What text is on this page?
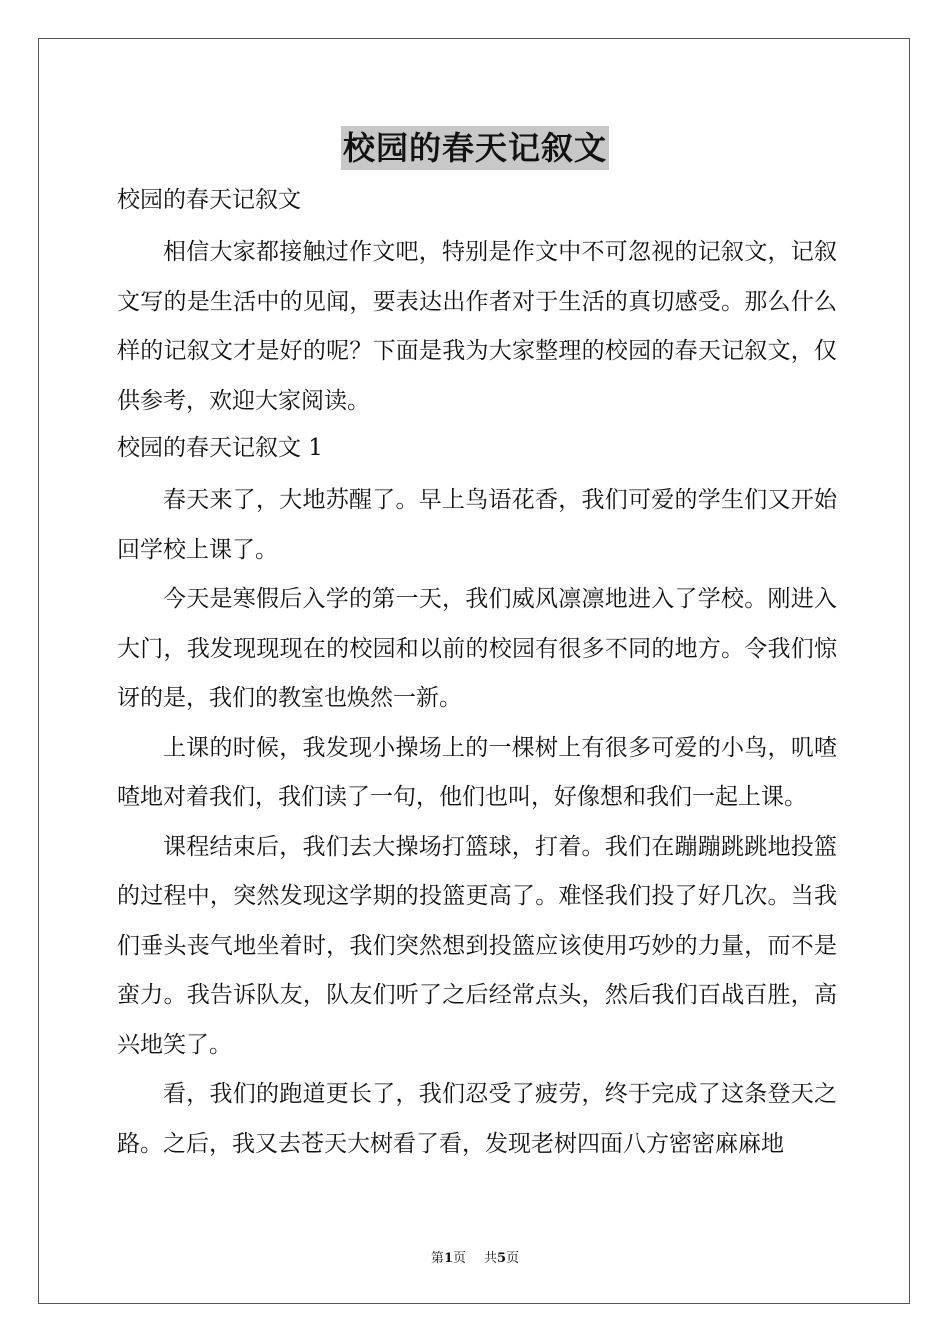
校园的春天记叙文

校园的春天记叙文

相信大家都接触过作文吧，特别是作文中不可忽视的记叙文，记叙文写的是生活中的见闻，要表达出作者对于生活的真切感受。那么什么样的记叙文才是好的呢？下面是我为大家整理的校园的春天记叙文，仅供参考，欢迎大家阅读。

校园的春天记叙文 1

春天来了，大地苏醒了。早上鸟语花香，我们可爱的学生们又开始回学校上课了。

今天是寒假后入学的第一天，我们威风凛凛地进入了学校。刚进入大门，我发现现现在的校园和以前的校园有很多不同的地方。令我们惊讶的是，我们的教室也焕然一新。

上课的时候，我发现小操场上的一棵树上有很多可爱的小鸟，叽喳喳地对着我们，我们读了一句，他们也叫，好像想和我们一起上课。

课程结束后，我们去大操场打篮球，打着。我们在蹦蹦跳跳地投篮的过程中，突然发现这学期的投篮更高了。难怪我们投了好几次。当我们垂头丧气地坐着时，我们突然想到投篮应该使用巧妙的力量，而不是蛮力。我告诉队友，队友们听了之后经常点头，然后我们百战百胜，高兴地笑了。

看，我们的跑道更长了，我们忍受了疲劳，终于完成了这条登天之路。之后，我又去苍天大树看了看，发现老树四面八方密密麻麻地

第1页 共5页
